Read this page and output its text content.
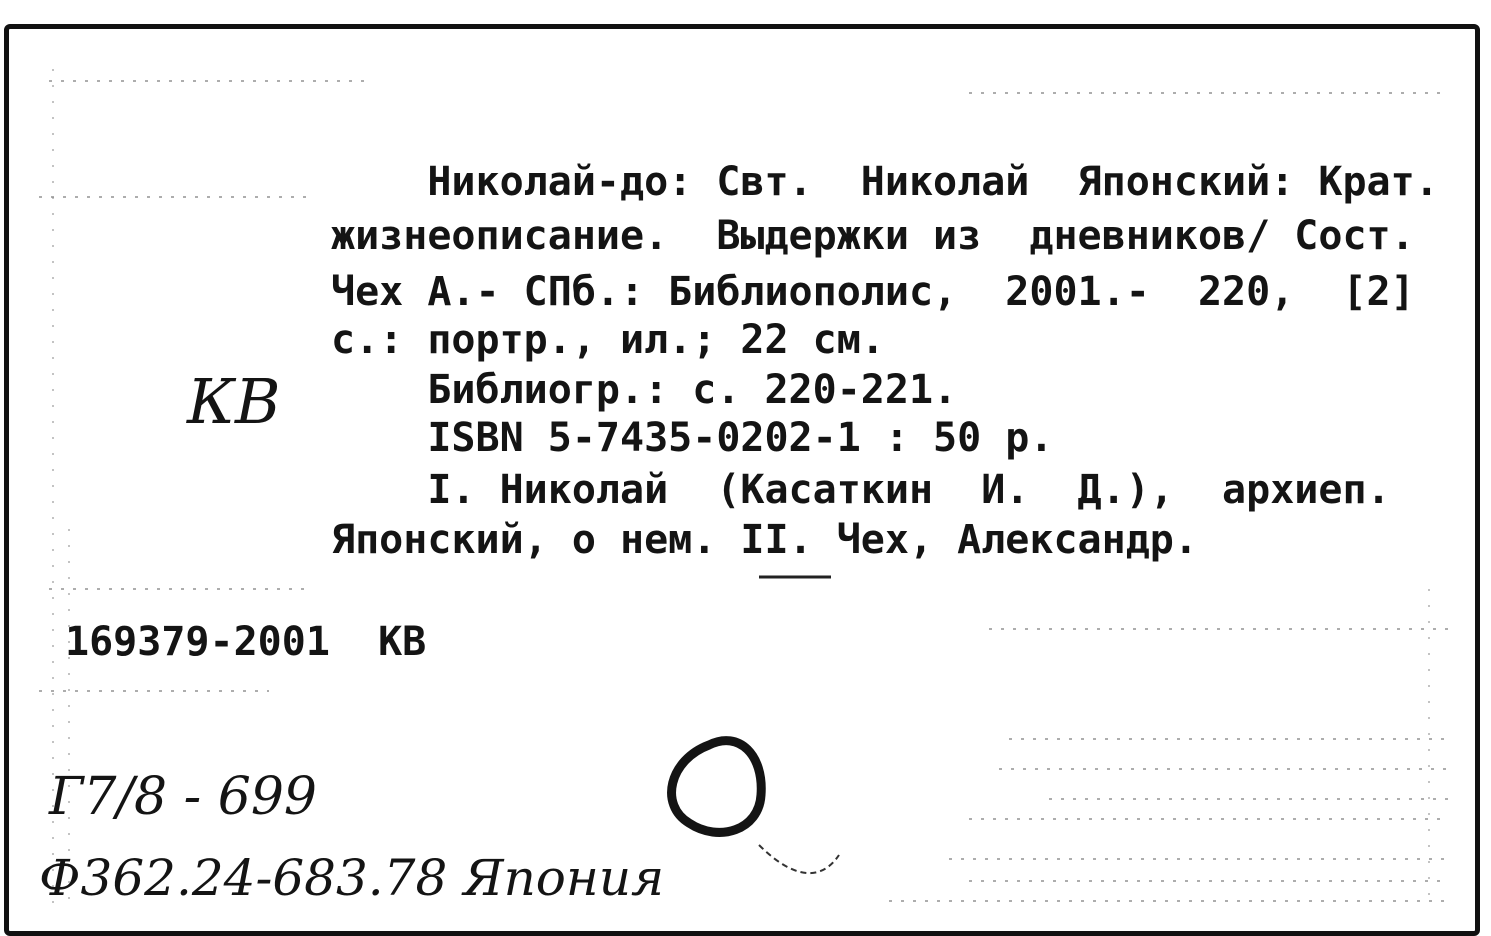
Николай-до: Свт.  Николай  Японский: Крат.
жизнеописание.  Выдержки из  дневников/ Сост.
Чех А.- СПб.: Библиополис,  2001.-  220,  [2]
с.: портр., ил.; 22 см.
Библиогр.: с. 220-221.
ISBN 5-7435-0202-1 : 50 р.
I. Николай  (Касаткин  И.  Д.),  архиеп.
Японский, о нем. II. Чех, Александр.
169379-2001  КВ
КВ
Г7/8 - 699
Ф362.24-683.78 Япония
